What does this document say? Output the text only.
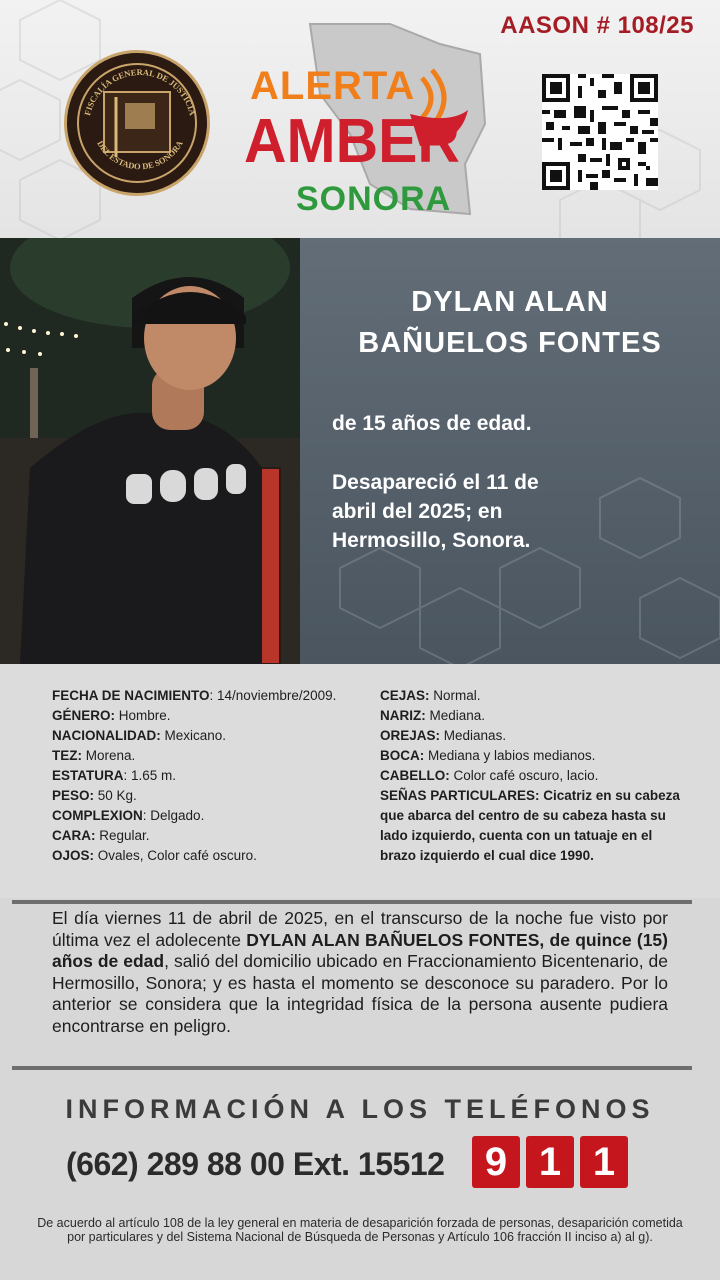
AASON # 108/25
FISCALÍA GENERAL DE JUSTICIA
DEL ESTADO DE SONORA
ALERTA
AMBER
SONORA
DYLAN ALAN
BAÑUELOS FONTES
de 15 años de edad.
Desapareció el 11 de
abril del 2025; en
Hermosillo, Sonora.
FECHA DE NACIMIENTO: 14/noviembre/2009.
GÉNERO: Hombre.
NACIONALIDAD: Mexicano.
TEZ: Morena.
ESTATURA: 1.65 m.
PESO: 50 Kg.
COMPLEXION: Delgado.
CARA: Regular.
OJOS: Ovales, Color café oscuro.
CEJAS: Normal.
NARIZ: Mediana.
OREJAS: Medianas.
BOCA: Mediana y labios medianos.
CABELLO: Color café oscuro, lacio.
SEÑAS PARTICULARES: Cicatriz en su cabeza que abarca del centro de su cabeza hasta su lado izquierdo, cuenta con un tatuaje en el brazo izquierdo el cual dice 1990.
El día viernes 11 de abril de 2025, en el transcurso de la noche fue visto por última vez el adolecente DYLAN ALAN BAÑUELOS FONTES, de quince (15) años de edad, salió del domicilio ubicado en Fraccionamiento Bicentenario, de Hermosillo, Sonora; y es hasta el momento se desconoce su paradero. Por lo anterior se considera que la integridad física de la persona ausente pudiera encontrarse en peligro.
INFORMACIÓN A LOS TELÉFONOS
(662) 289 88 00 Ext. 15512	9 1 1
De acuerdo al artículo 108 de la ley general en materia de desaparición forzada de personas, desaparición cometida por particulares y del Sistema Nacional de Búsqueda de Personas y Artículo 106 fracción II inciso a) al g).
